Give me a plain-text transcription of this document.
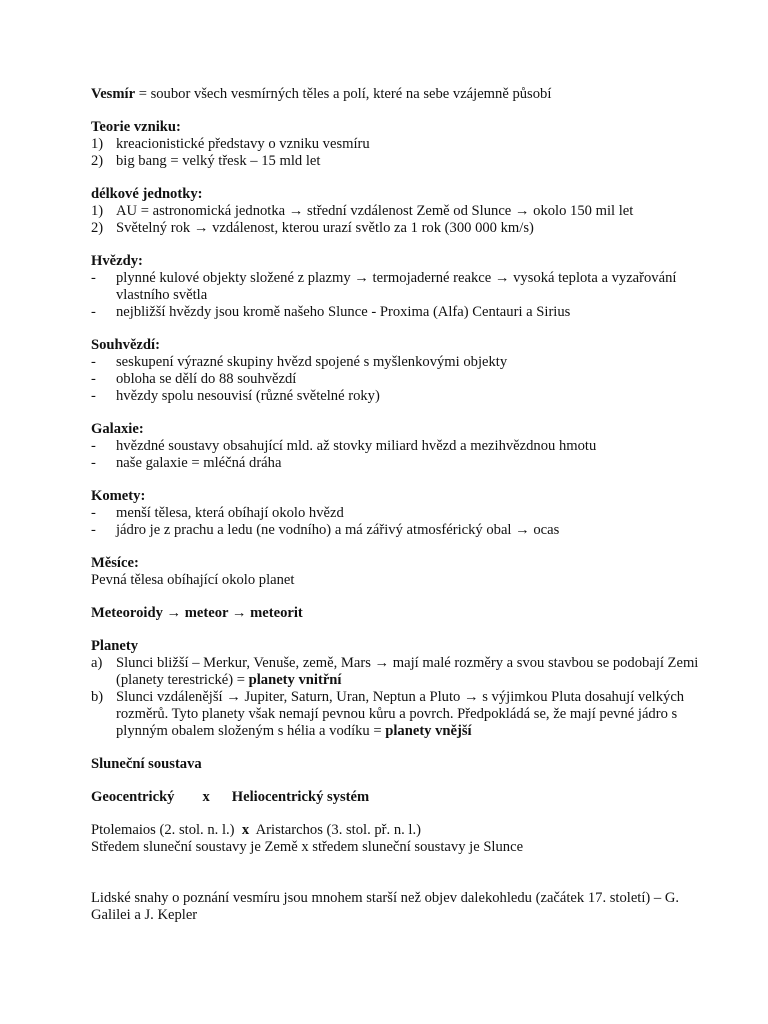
Vesmír = soubor všech vesmírných těles a polí, které na sebe vzájemně působí

Teorie vzniku:

1) kreacionistické představy o vzniku vesmíru
2) big bang = velký třesk – 15 mld let

délkové jednotky:

1) AU = astronomická jednotka → střední vzdálenost Země od Slunce → okolo 150 mil let
2) Světelný rok → vzdálenost, kterou urazí světlo za 1 rok (300 000 km/s)

Hvězdy:

-	plynné kulové objekty složené z plazmy → termojaderné reakce → vysoká teplota a vyzařování vlastního světla
-	nejbližší hvězdy jsou kromě našeho Slunce - Proxima (Alfa) Centauri a Sirius

Souhvězdí:

-	seskupení výrazné skupiny hvězd spojené s myšlenkovými objekty
-	obloha se dělí do 88 souhvězdí
-	hvězdy spolu nesouvisí (různé světelné roky)

Galaxie:

-	hvězdné soustavy obsahující mld. až stovky miliard hvězd a mezihvězdnou hmotu
-	naše galaxie = mléčná dráha

Komety:

-	menší tělesa, která obíhají okolo hvězd
-	jádro je z prachu a ledu (ne vodního) a má zářivý atmosférický obal → ocas

Měsíce:

Pevná tělesa obíhající okolo planet

Meteoroidy → meteor → meteorit

Planety

a) Slunci bližší – Merkur, Venuše, země, Mars → mají malé rozměry a svou stavbou se podobají Zemi (planety terestrické) = planety vnitřní
b) Slunci vzdálenější → Jupiter, Saturn, Uran, Neptun a Pluto → s výjimkou Pluta dosahují velkých rozměrů. Tyto planety však nemají pevnou kůru a povrch. Předpokládá se, že mají pevné jádro s plynným obalem složeným s hélia a vodíku = planety vnější

Sluneční soustava

Geocentrický x Heliocentrický systém

Ptolemaios (2. stol. n. l.) x Aristarchos (3. stol. př. n. l.)

Středem sluneční soustavy je Země x středem sluneční soustavy je Slunce

Lidské snahy o poznání vesmíru jsou mnohem starší než objev dalekohledu (začátek 17. století) – G. Galilei a J. Kepler
